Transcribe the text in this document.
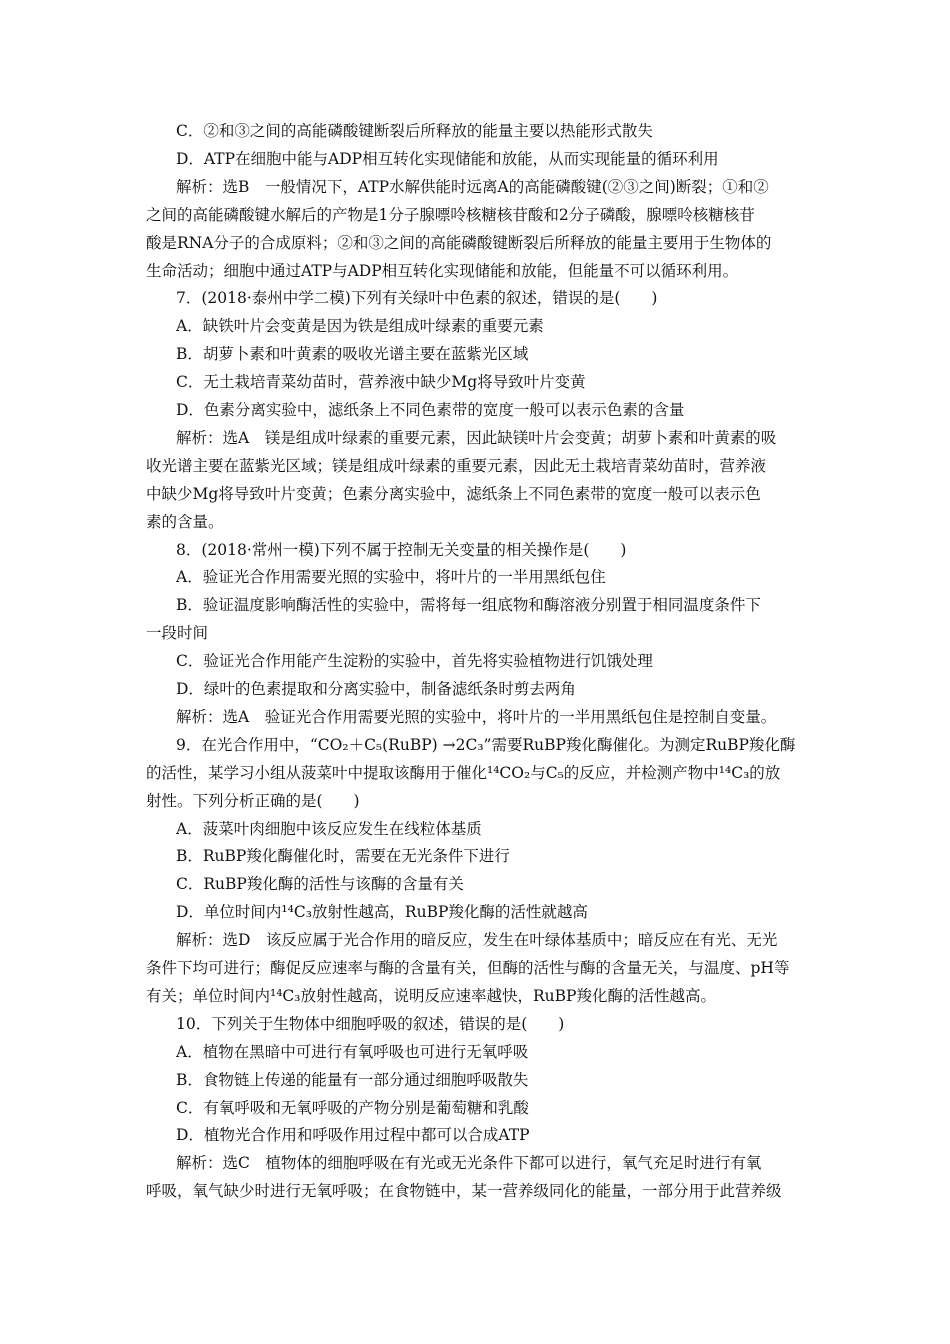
C．②和③之间的高能磷酸键断裂后所释放的能量主要以热能形式散失
D．ATP在细胞中能与ADP相互转化实现储能和放能，从而实现能量的循环利用
解析：选B　一般情况下，ATP水解供能时远离A的高能磷酸键(②③之间)断裂；①和②
之间的高能磷酸键水解后的产物是1分子腺嘌呤核糖核苷酸和2分子磷酸，腺嘌呤核糖核苷
酸是RNA分子的合成原料；②和③之间的高能磷酸键断裂后所释放的能量主要用于生物体的
生命活动；细胞中通过ATP与ADP相互转化实现储能和放能，但能量不可以循环利用。
7．(2018·泰州中学二模)下列有关绿叶中色素的叙述，错误的是(　　)
A．缺铁叶片会变黄是因为铁是组成叶绿素的重要元素
B．胡萝卜素和叶黄素的吸收光谱主要在蓝紫光区域
C．无土栽培青菜幼苗时，营养液中缺少Mg将导致叶片变黄
D．色素分离实验中，滤纸条上不同色素带的宽度一般可以表示色素的含量
解析：选A　镁是组成叶绿素的重要元素，因此缺镁叶片会变黄；胡萝卜素和叶黄素的吸
收光谱主要在蓝紫光区域；镁是组成叶绿素的重要元素，因此无土栽培青菜幼苗时，营养液
中缺少Mg将导致叶片变黄；色素分离实验中，滤纸条上不同色素带的宽度一般可以表示色
素的含量。
8．(2018·常州一模)下列不属于控制无关变量的相关操作是(　　)
A．验证光合作用需要光照的实验中，将叶片的一半用黑纸包住
B．验证温度影响酶活性的实验中，需将每一组底物和酶溶液分别置于相同温度条件下
一段时间
C．验证光合作用能产生淀粉的实验中，首先将实验植物进行饥饿处理
D．绿叶的色素提取和分离实验中，制备滤纸条时剪去两角
解析：选A　验证光合作用需要光照的实验中，将叶片的一半用黑纸包住是控制自变量。
9．在光合作用中，“CO₂＋C₅(RuBP) →2C₃”需要RuBP羧化酶催化。为测定RuBP羧化酶
的活性，某学习小组从菠菜叶中提取该酶用于催化¹⁴CO₂与C₅的反应，并检测产物中¹⁴C₃的放
射性。下列分析正确的是(　　)
A．菠菜叶肉细胞中该反应发生在线粒体基质
B．RuBP羧化酶催化时，需要在无光条件下进行
C．RuBP羧化酶的活性与该酶的含量有关
D．单位时间内¹⁴C₃放射性越高，RuBP羧化酶的活性就越高
解析：选D　该反应属于光合作用的暗反应，发生在叶绿体基质中；暗反应在有光、无光
条件下均可进行；酶促反应速率与酶的含量有关，但酶的活性与酶的含量无关，与温度、pH等
有关；单位时间内¹⁴C₃放射性越高，说明反应速率越快，RuBP羧化酶的活性越高。
10．下列关于生物体中细胞呼吸的叙述，错误的是(　　)
A．植物在黑暗中可进行有氧呼吸也可进行无氧呼吸
B．食物链上传递的能量有一部分通过细胞呼吸散失
C．有氧呼吸和无氧呼吸的产物分别是葡萄糖和乳酸
D．植物光合作用和呼吸作用过程中都可以合成ATP
解析：选C　植物体的细胞呼吸在有光或无光条件下都可以进行，氧气充足时进行有氧
呼吸，氧气缺少时进行无氧呼吸；在食物链中，某一营养级同化的能量，一部分用于此营养级
